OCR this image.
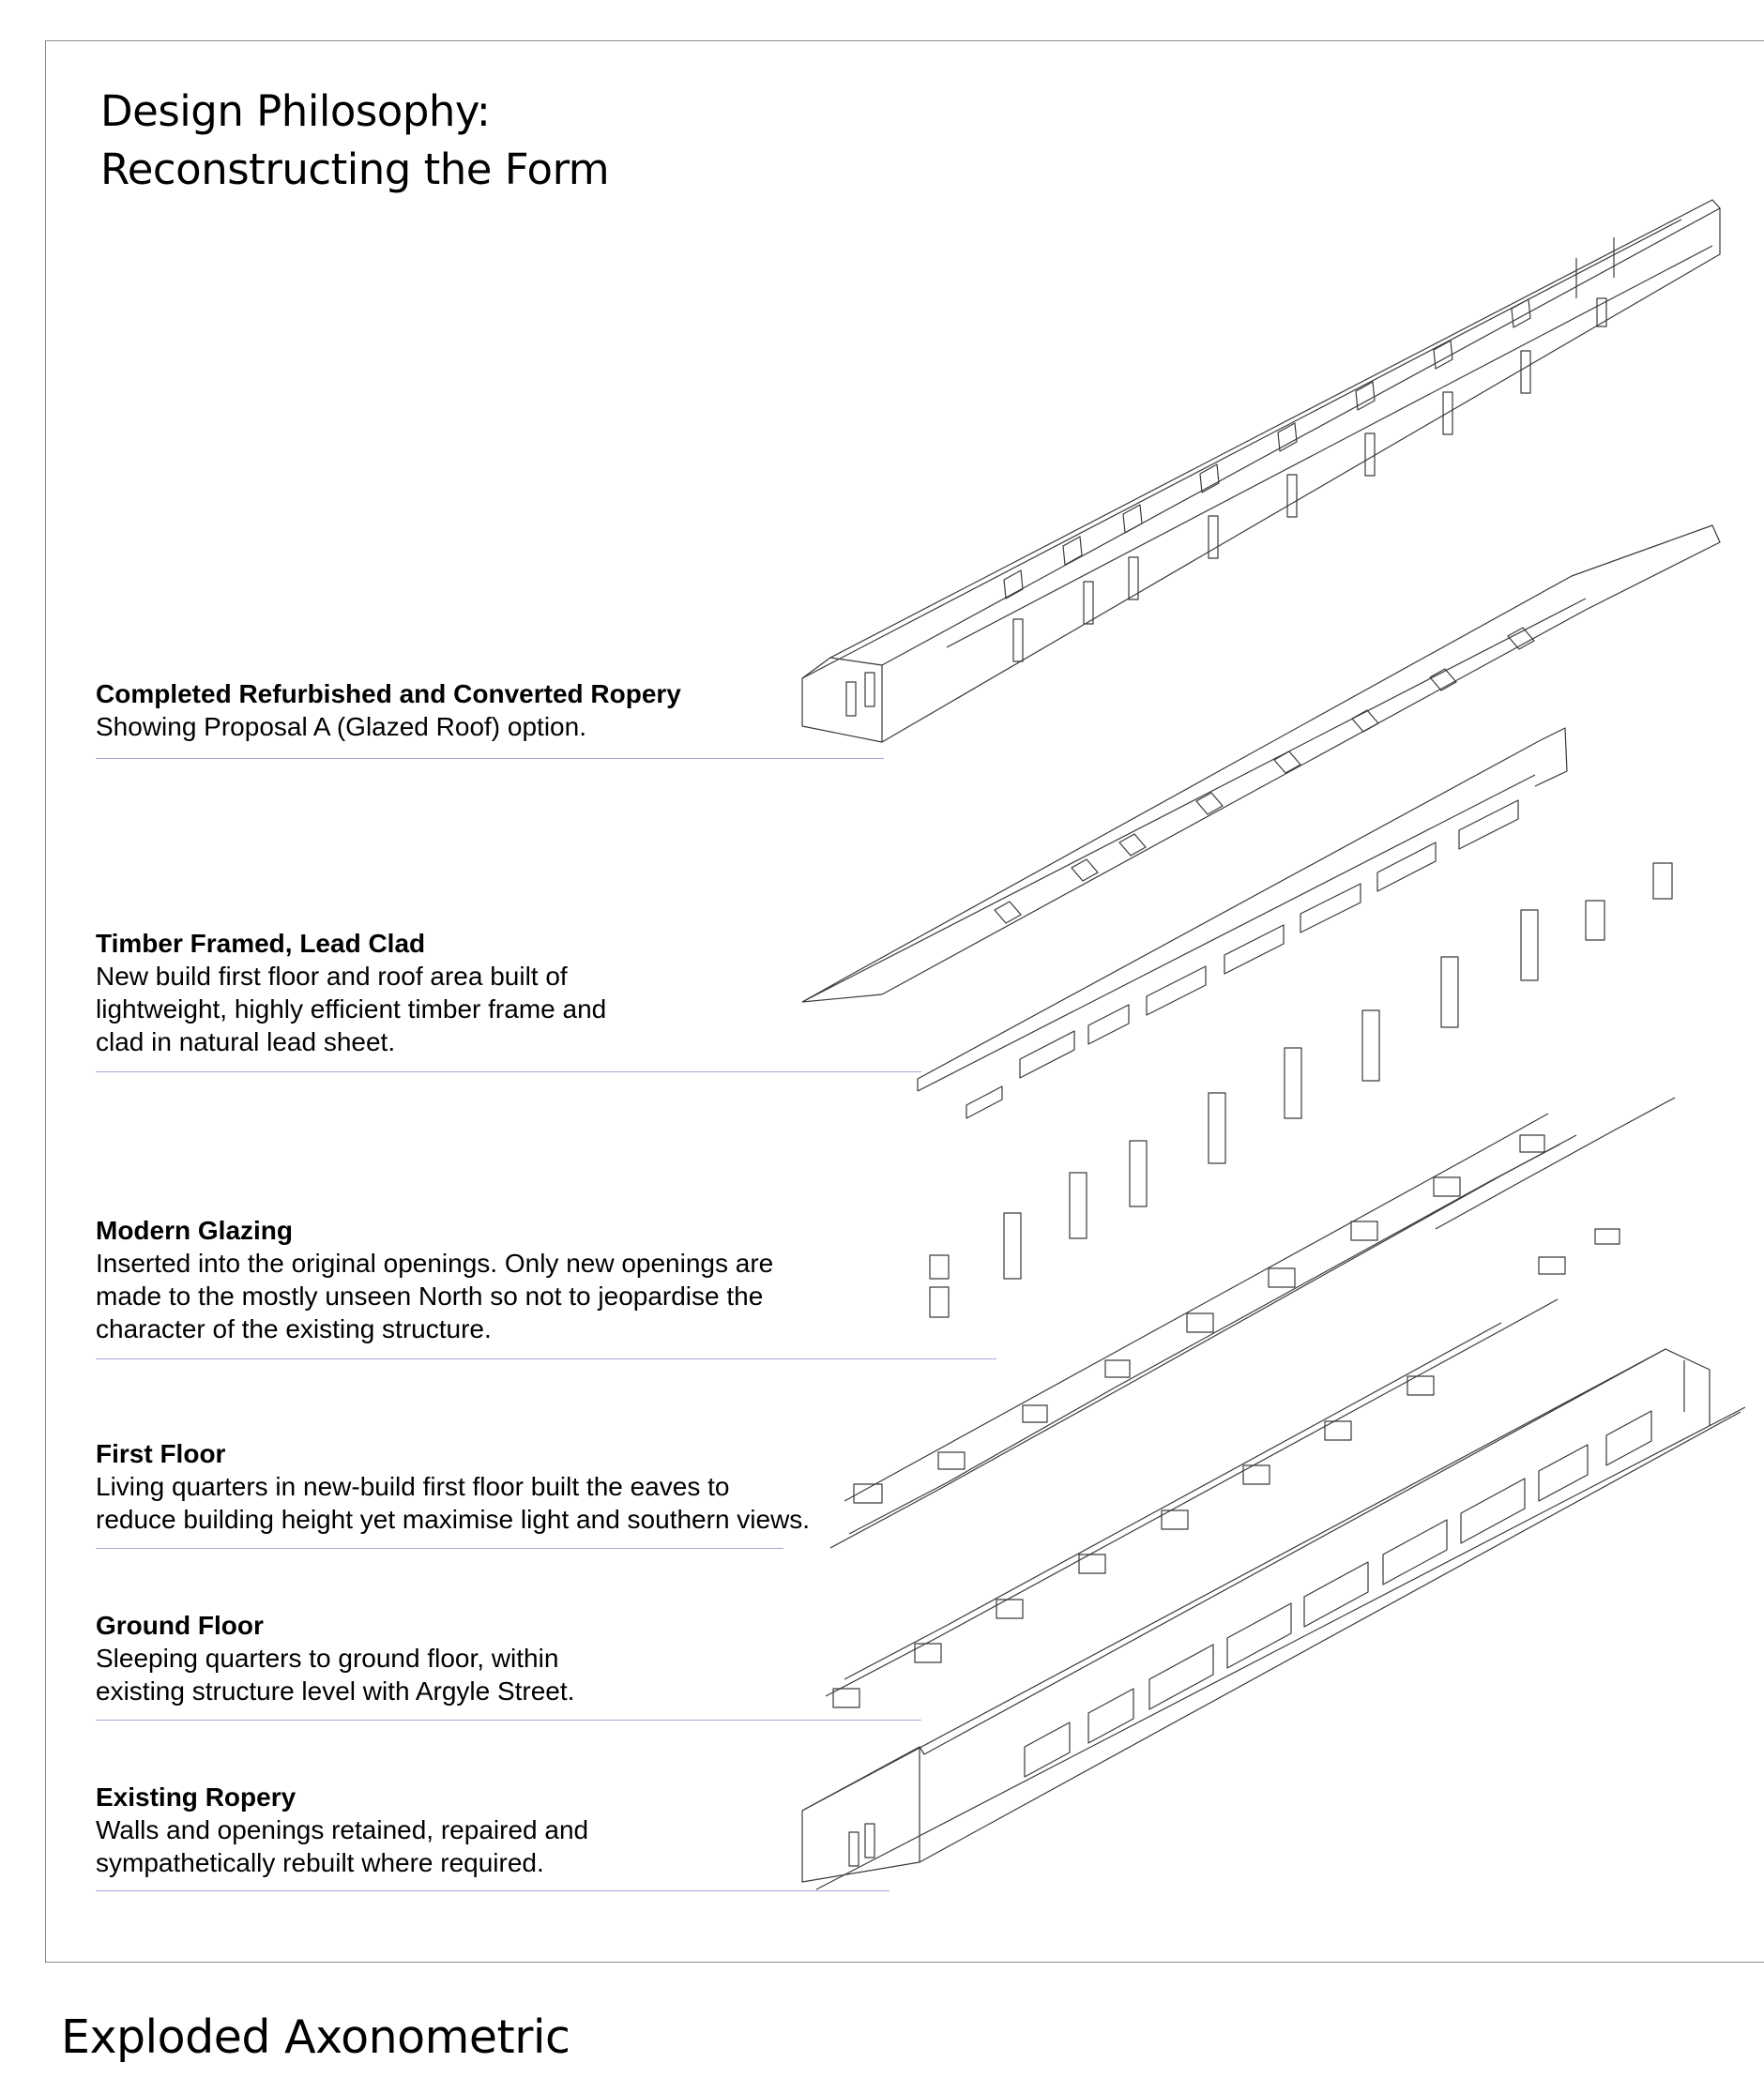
Design Philosophy:
Reconstructing the Form
Completed Refurbished and Converted Ropery
Showing Proposal A (Glazed Roof) option.
Timber Framed, Lead Clad
New build first floor and roof area built of
lightweight, highly efficient timber frame and
clad in natural lead sheet.
Modern Glazing
Inserted into the original openings. Only new openings are
made to the mostly unseen North so not to jeopardise the
character of the existing structure.
First Floor
Living quarters in new-build first floor built the eaves to
reduce building height yet maximise light and southern views.
Ground Floor
Sleeping quarters to ground floor, within
existing structure level with Argyle Street.
Existing Ropery
Walls and openings retained, repaired and
sympathetically rebuilt where required.
Exploded Axonometric
